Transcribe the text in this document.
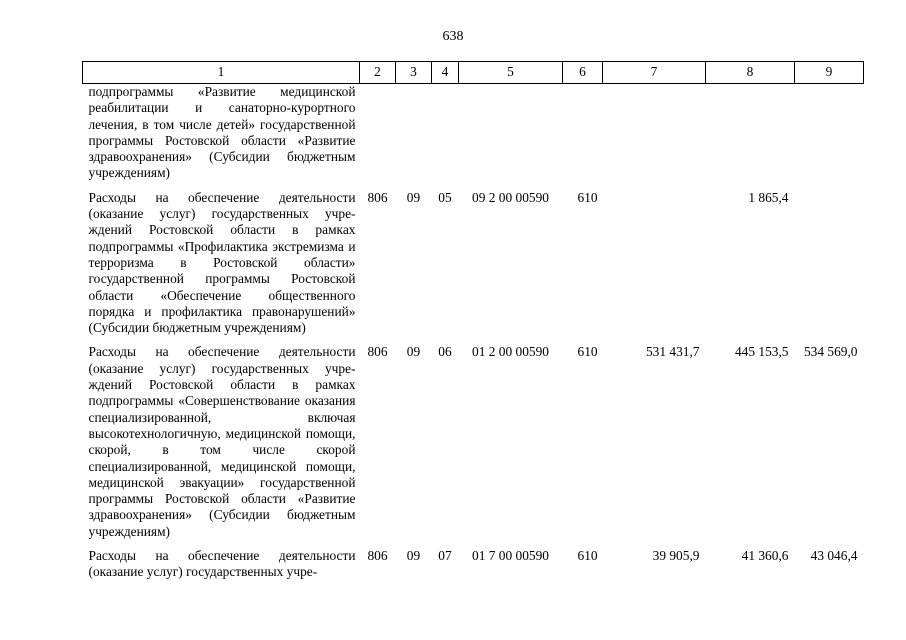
638
1	2	3	4	5	6	7	8	9
подпрограммы «Развитие медицинской реабилитации и санаторно-курортного лечения, в том числе детей» государственной программы Ростовской области «Развитие здравоохранения» (Субсидии бюджетным учреждениям)								

Расходы на обеспечение деятельности (оказание услуг) государственных учреждений Ростовской области в рамках подпрограммы «Профилактика экстремизма и терроризма в Ростовской области» государственной программы Ростовской области «Обеспечение общественного порядка и профилактика правонарушений» (Субсидии бюджетным учреждениям)	806	09	05	09 2 00 00590	610		1 865,4	

Расходы на обеспечение деятельности (оказание услуг) государственных учреждений Ростовской области в рамках подпрограммы «Совершенствование оказания специализированной, включая высокотехнологичную, медицинской помощи, скорой, в том числе скорой специализированной, медицинской помощи, медицинской эвакуации» государственной программы Ростовской области «Развитие здравоохранения» (Субсидии бюджетным учреждениям)	806	09	06	01 2 00 00590	610	531 431,7	445 153,5	534 569,0

Расходы на обеспечение деятельности (оказание услуг) государственных учре-	806	09	07	01 7 00 00590	610	39 905,9	41 360,6	43 046,4
